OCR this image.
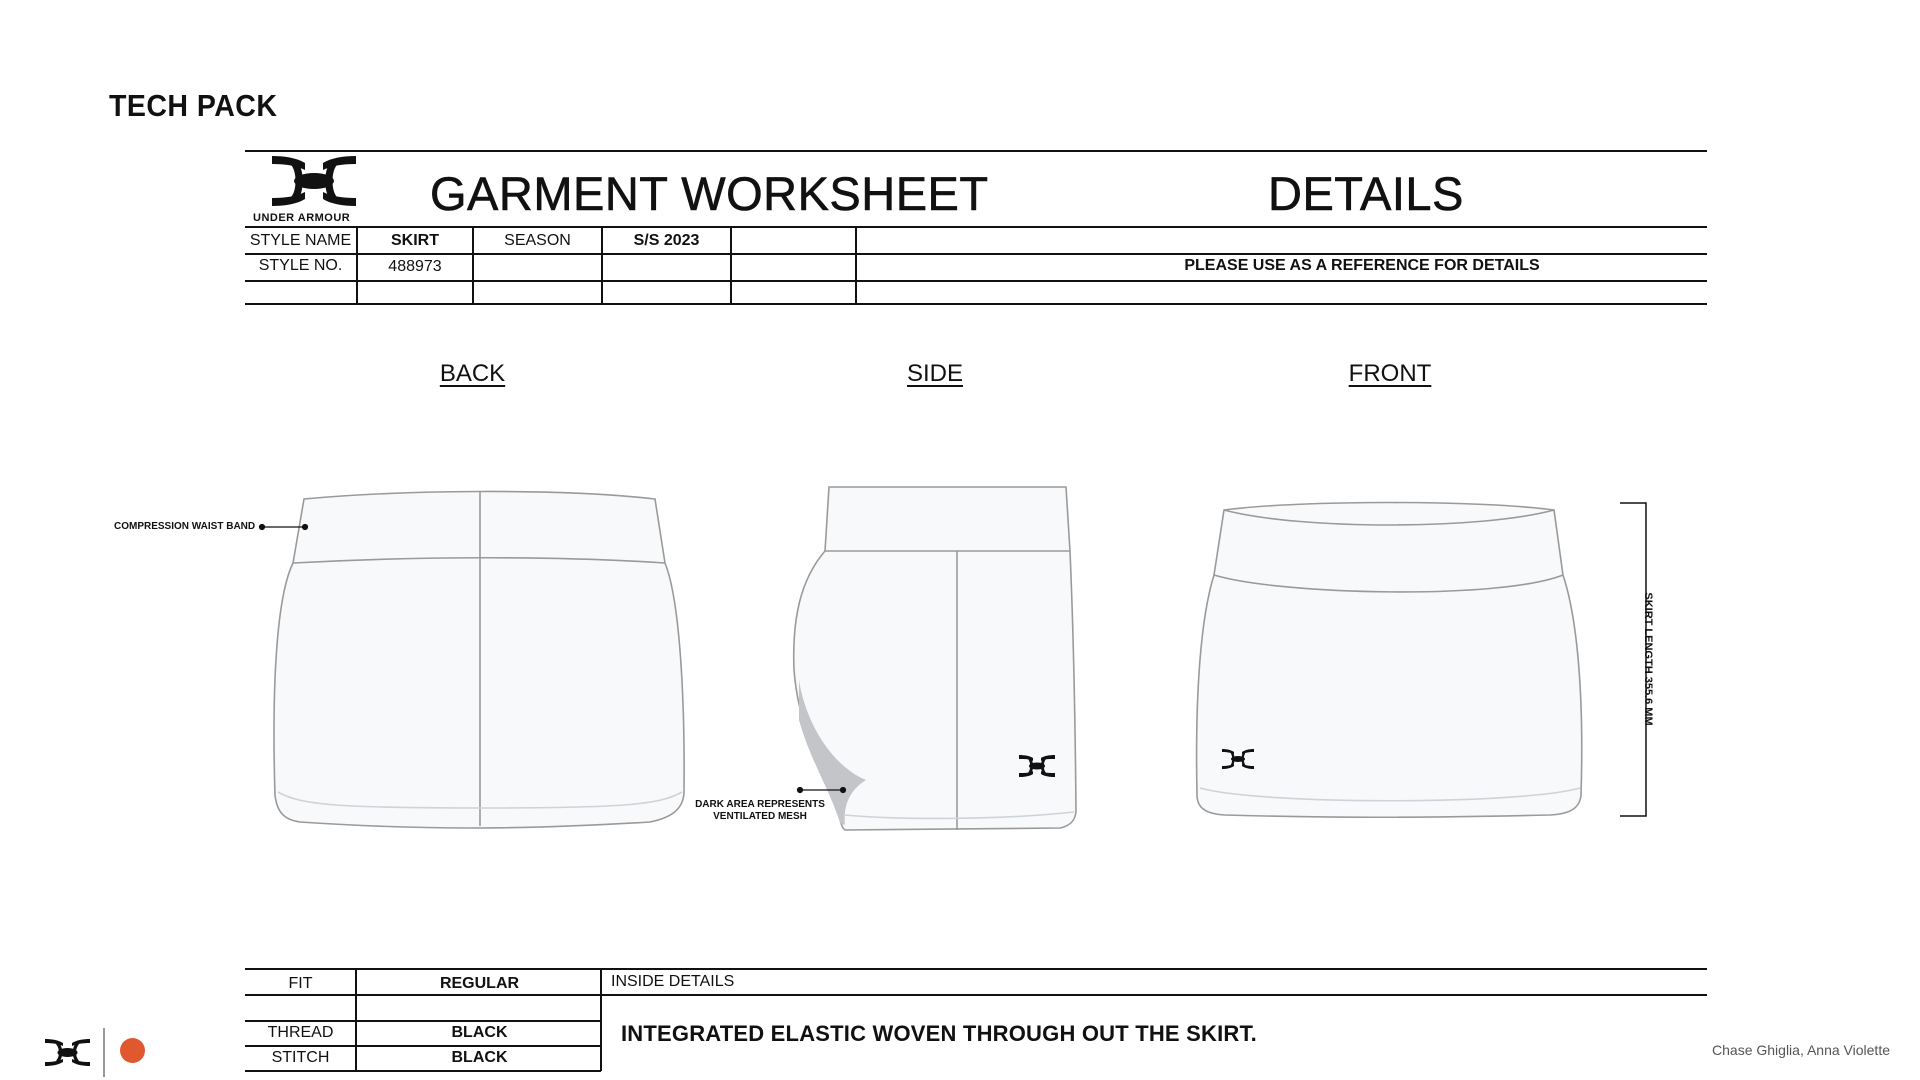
TECH PACK
UNDER ARMOUR GARMENT WORKSHEET	DETAILS
STYLE NAME	SKIRT	SEASON	S/S 2023
STYLE NO.	488973	PLEASE USE AS A REFERENCE FOR DETAILS
BACK	SIDE	FRONT
COMPRESSION WAIST BAND
DARK AREA REPRESENTS
VENTILATED MESH
SKIRT LENGTH 355.6 MM
FIT	REGULAR
THREAD	BLACK
STITCH	BLACK
INSIDE DETAILS
INTEGRATED ELASTIC WOVEN THROUGH OUT THE SKIRT.
Chase Ghiglia, Anna Violette
